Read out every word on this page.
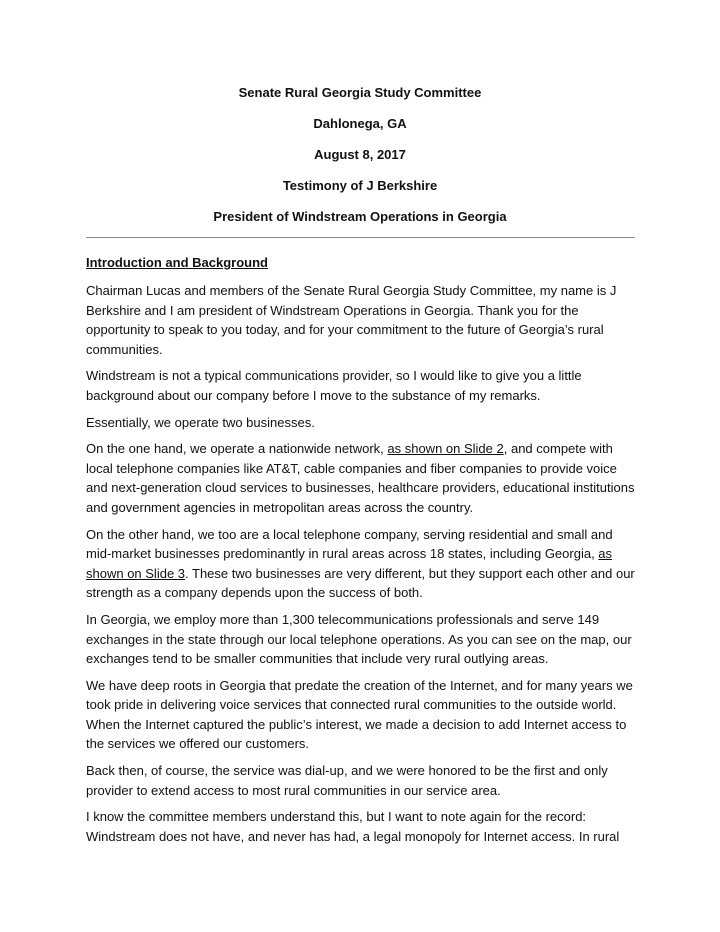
Senate Rural Georgia Study Committee

Dahlonega, GA

August 8, 2017

Testimony of J Berkshire

President of Windstream Operations in Georgia

Introduction and Background

Chairman Lucas and members of the Senate Rural Georgia Study Committee, my name is J Berkshire and I am president of Windstream Operations in Georgia. Thank you for the opportunity to speak to you today, and for your commitment to the future of Georgia’s rural communities.

Windstream is not a typical communications provider, so I would like to give you a little background about our company before I move to the substance of my remarks.

Essentially, we operate two businesses.

On the one hand, we operate a nationwide network, as shown on Slide 2, and compete with local telephone companies like AT&T, cable companies and fiber companies to provide voice and next-generation cloud services to businesses, healthcare providers, educational institutions and government agencies in metropolitan areas across the country.

On the other hand, we too are a local telephone company, serving residential and small and mid-market businesses predominantly in rural areas across 18 states, including Georgia, as shown on Slide 3. These two businesses are very different, but they support each other and our strength as a company depends upon the success of both.

In Georgia, we employ more than 1,300 telecommunications professionals and serve 149 exchanges in the state through our local telephone operations. As you can see on the map, our exchanges tend to be smaller communities that include very rural outlying areas.

We have deep roots in Georgia that predate the creation of the Internet, and for many years we took pride in delivering voice services that connected rural communities to the outside world. When the Internet captured the public’s interest, we made a decision to add Internet access to the services we offered our customers.

Back then, of course, the service was dial-up, and we were honored to be the first and only provider to extend access to most rural communities in our service area.

I know the committee members understand this, but I want to note again for the record: Windstream does not have, and never has had, a legal monopoly for Internet access. In rural
